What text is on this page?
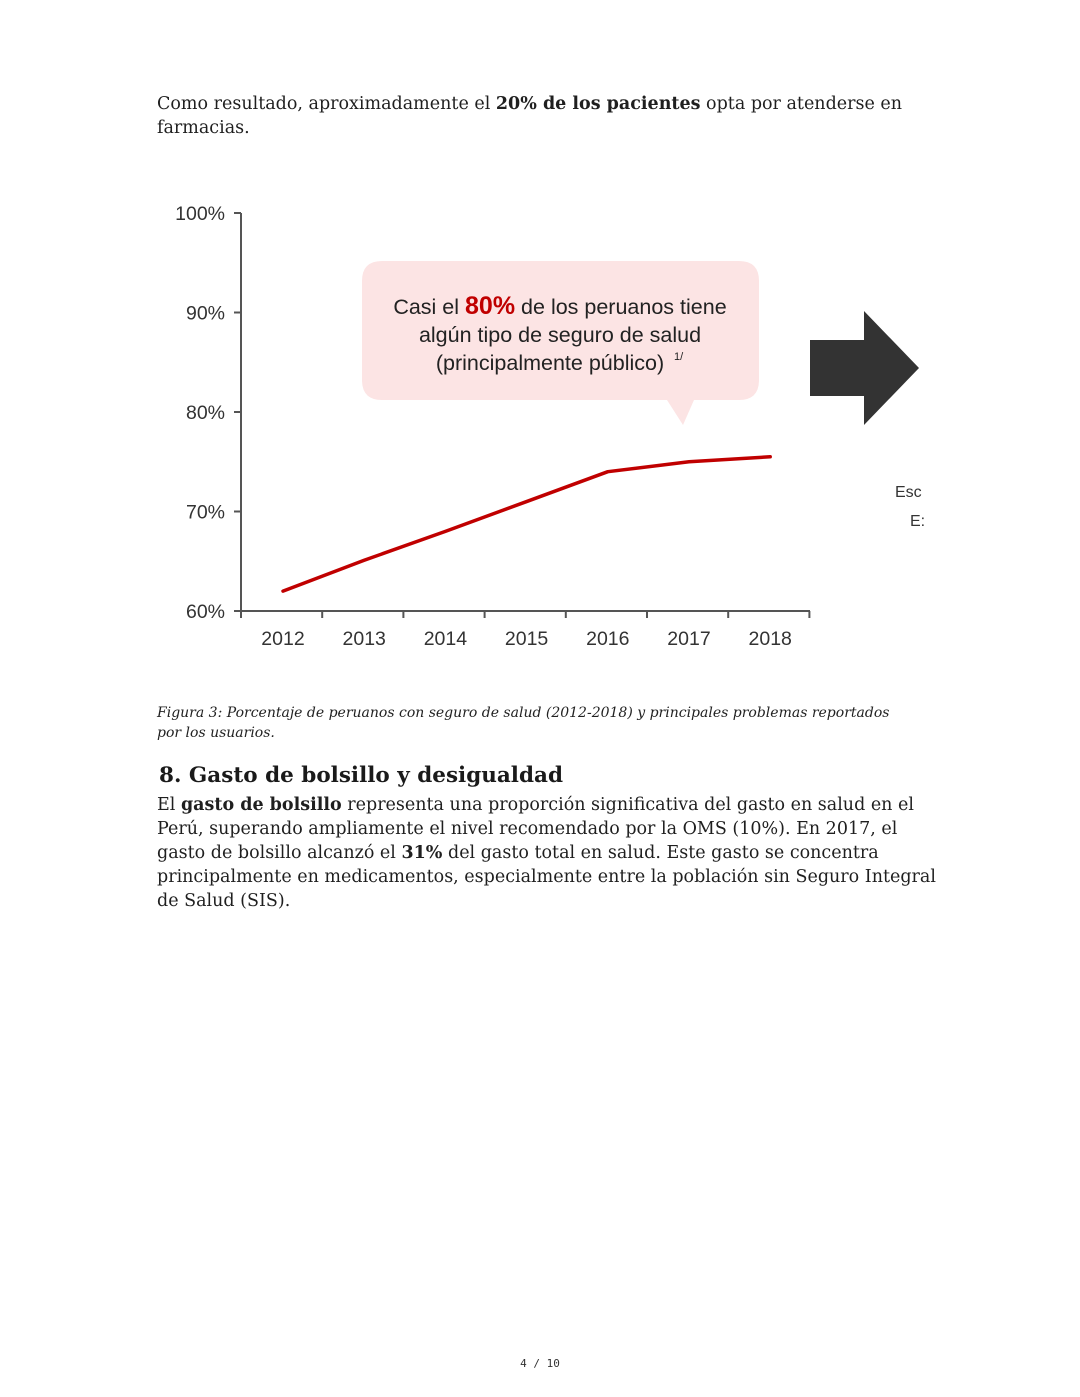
Como resultado, aproximadamente el 20% de los pacientes opta por atenderse en farmacias.

60%
70%
80%
90%
100%
2012 2013 2014 2015 2016 2017 2018
Casi el 80% de los peruanos tiene
algún tipo de seguro de salud
(principalmente público) 1/
Esc
E:

Figura 3: Porcentaje de peruanos con seguro de salud (2012-2018) y principales problemas reportados por los usuarios.

8. Gasto de bolsillo y desigualdad

El gasto de bolsillo representa una proporción significativa del gasto en salud en el Perú, superando ampliamente el nivel recomendado por la OMS (10%). En 2017, el gasto de bolsillo alcanzó el 31% del gasto total en salud. Este gasto se concentra principalmente en medicamentos, especialmente entre la población sin Seguro Integral de Salud (SIS).

4 / 10
